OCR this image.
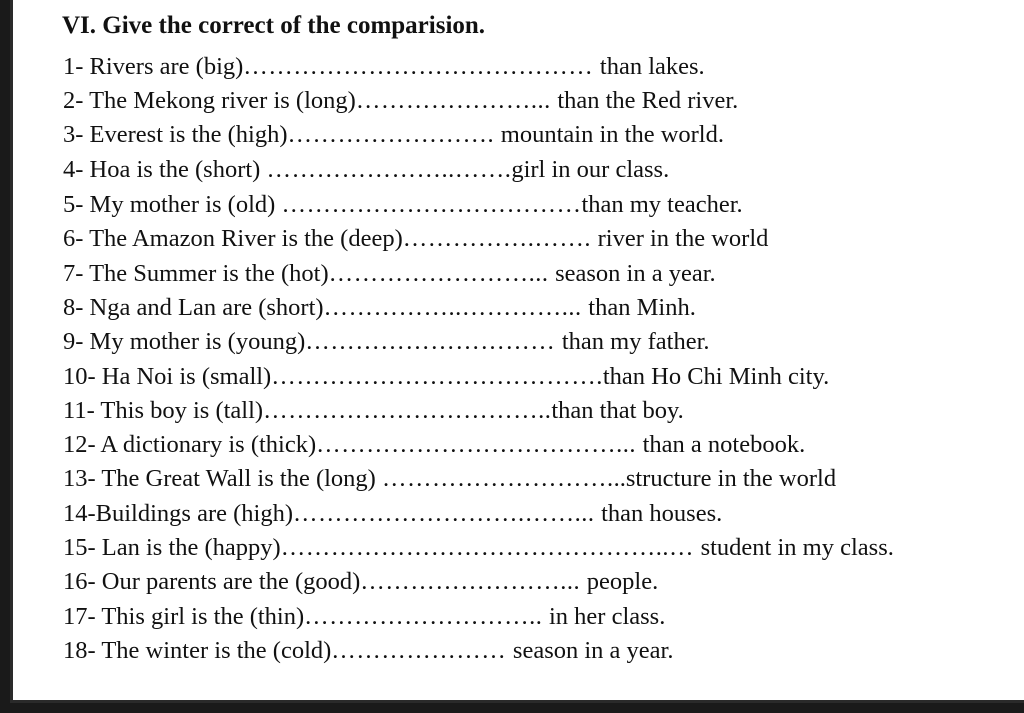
VI. Give the correct of the comparision.
1- Rivers are (big)…………………………………… than lakes.
2- The Mekong river is (long)…………………... than the Red river.
3- Everest is the (high)……………………. mountain in the world.
4- Hoa is the (short) …………………..…….girl in our class.
5- My mother is (old) ………………………………than my teacher.
6- The Amazon River is the (deep)…………….……. river in the world
7- The Summer is the (hot)……………………... season in a year.
8- Nga and Lan are (short)……………..…………... than Minh.
9- My mother is (young)………………………… than my father.
10- Ha Noi is (small)………………………………….than Ho Chi Minh city.
11- This boy is (tall)……………………………..than that boy.
12- A dictionary is (thick)………………………………... than a notebook.
13- The Great Wall is the (long) ………………………...structure in the world
14-Buildings are (high)……………………….……... than houses.
15- Lan is the (happy)………………………………………..… student in my class.
16- Our parents are the (good)……………………... people.
17- This girl is the (thin)……………………….. in her class.
18- The winter is the (cold)………………… season in a year.
